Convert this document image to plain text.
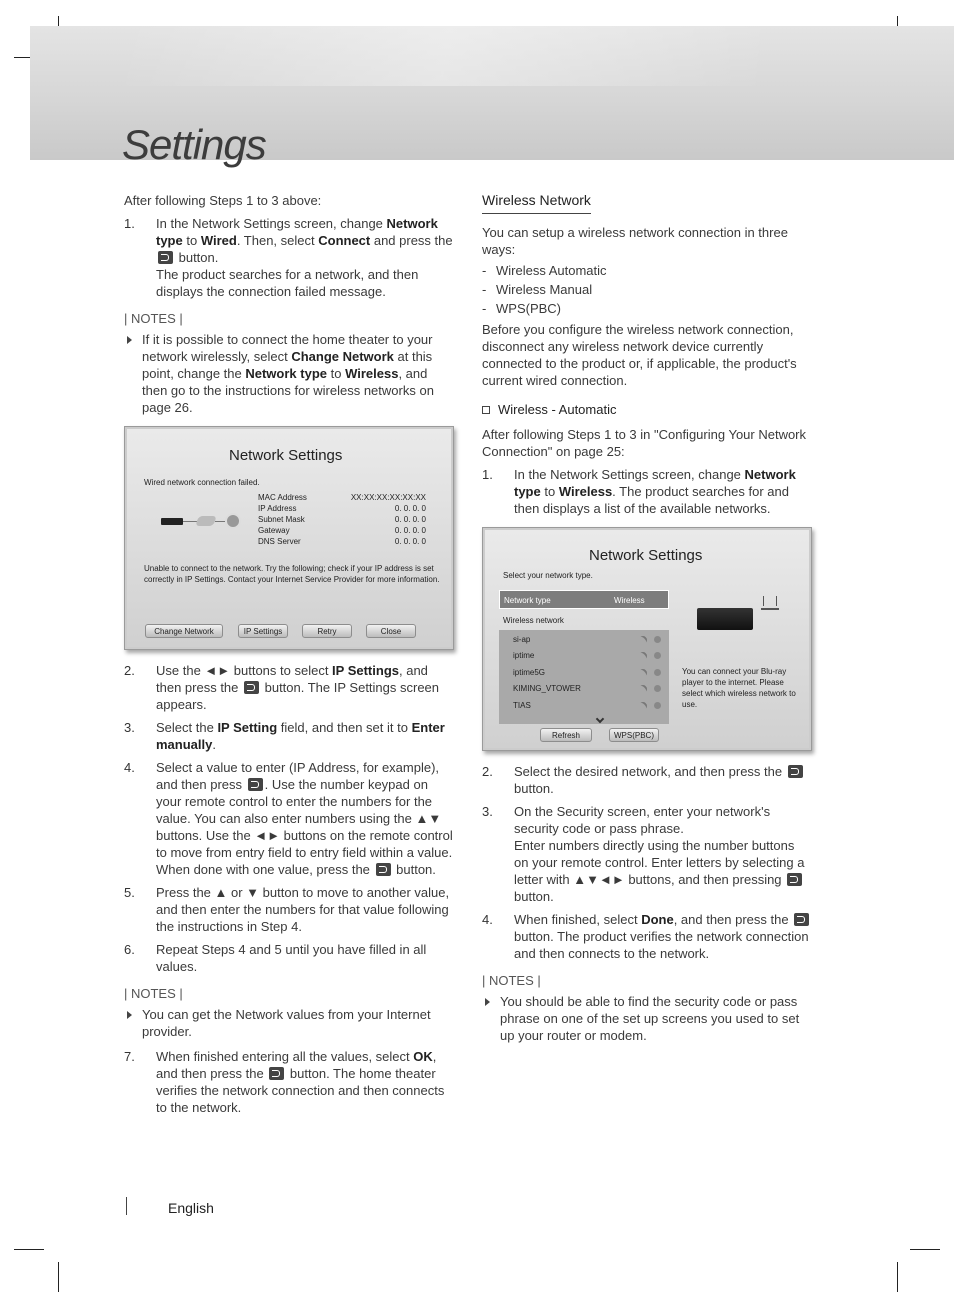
Settings

After following Steps 1 to 3 above:

1. In the Network Settings screen, change Network type to Wired. Then, select Connect and press the  button.
The product searches for a network, and then displays the connection failed message.

| NOTES |

If it is possible to connect the home theater to your network wirelessly, select Change Network at this point, change the Network type to Wireless, and then go to the instructions for wireless networks on page 26.
Network Settings
Wired network connection failed.
MAC Address	XX:XX:XX:XX:XX:XX
IP Address	0. 0. 0. 0
Subnet Mask	0. 0. 0. 0
Gateway	0. 0. 0. 0
DNS Server	0. 0. 0. 0
Unable to connect to the network. Try the following; check if your IP address is set correctly in IP Settings. Contact your Internet Service Provider for more information.
Change Network	IP Settings	Retry	Close
2. Use the ◄► buttons to select IP Settings, and then press the  button. The IP Settings screen appears.
3. Select the IP Setting field, and then set it to Enter manually.
4. Select a value to enter (IP Address, for example), and then press . Use the number keypad on your remote control to enter the numbers for the value. You can also enter numbers using the ▲▼ buttons. Use the ◄► buttons on the remote control to move from entry field to entry field within a value. When done with one value, press the  button.
5. Press the ▲ or ▼ button to move to another value, and then enter the numbers for that value following the instructions in Step 4.
6. Repeat Steps 4 and 5 until you have filled in all values.

| NOTES |

You can get the Network values from your Internet provider.
7. When finished entering all the values, select OK, and then press the  button. The home theater verifies the network connection and then connects to the network.
Wireless Network

You can setup a wireless network connection in three ways:

- Wireless Automatic
- Wireless Manual
- WPS(PBC)

Before you configure the wireless network connection, disconnect any wireless network device currently connected to the product or, if applicable, the product's current wired connection.

Wireless - Automatic

After following Steps 1 to 3 in "Configuring Your Network Connection" on page 25:

1. In the Network Settings screen, change Network type to Wireless. The product searches for and then displays a list of the available networks.
Network Settings
Select your network type.
Network type	Wireless
Wireless network
si-ap
iptime
iptime5G
KIMING_VTOWER
TIAS
You can connect your Blu-ray player to the internet. Please select which wireless network to use.
Refresh	WPS(PBC)
2. Select the desired network, and then press the  button.
3. On the Security screen, enter your network's security code or pass phrase.
Enter numbers directly using the number buttons on your remote control. Enter letters by selecting a letter with ▲▼◄► buttons, and then pressing  button.
4. When finished, select Done, and then press the  button. The product verifies the network connection and then connects to the network.

| NOTES |

You should be able to find the security code or pass phrase on one of the set up screens you used to set up your router or modem.
English
